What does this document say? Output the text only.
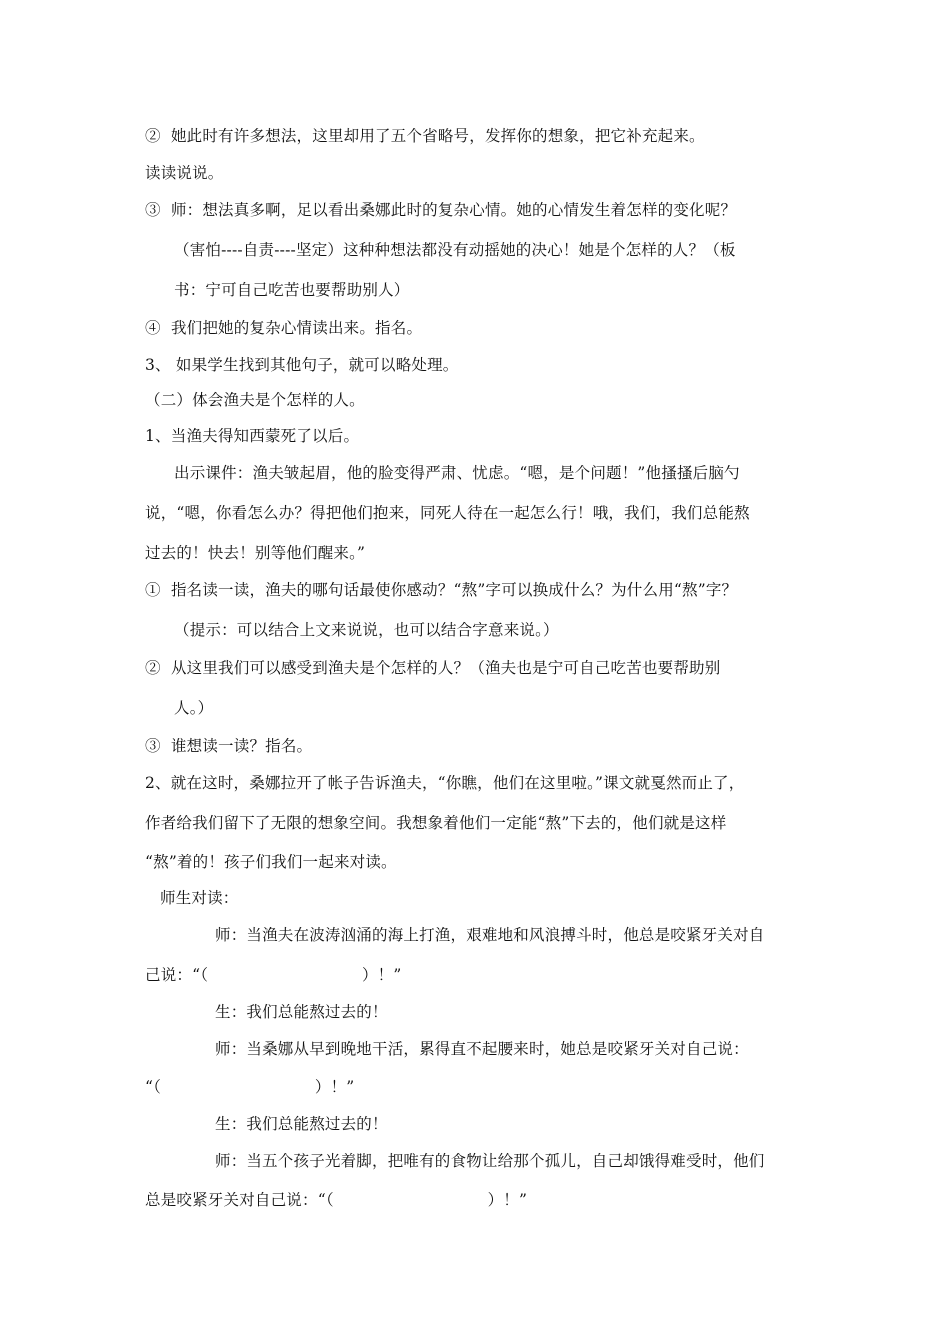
②  她此时有许多想法，这里却用了五个省略号，发挥你的想象，把它补充起来。
读读说说。
③  师：想法真多啊，足以看出桑娜此时的复杂心情。她的心情发生着怎样的变化呢？
（害怕----自责----坚定）这种种想法都没有动摇她的决心！她是个怎样的人？（板
书：宁可自己吃苦也要帮助别人）
④  我们把她的复杂心情读出来。指名。
3、 如果学生找到其他句子，就可以略处理。
（二）体会渔夫是个怎样的人。
1、当渔夫得知西蒙死了以后。
出示课件：渔夫皱起眉，他的脸变得严肃、忧虑。“嗯，是个问题！”他搔搔后脑勺
说，“嗯，你看怎么办？得把他们抱来，同死人待在一起怎么行！哦，我们，我们总能熬
过去的！快去！别等他们醒来。”
①  指名读一读，渔夫的哪句话最使你感动？“熬”字可以换成什么？为什么用“熬”字？
（提示：可以结合上文来说说，也可以结合字意来说。）
②  从这里我们可以感受到渔夫是个怎样的人？（渔夫也是宁可自己吃苦也要帮助别
人。）
③  谁想读一读？指名。
2、就在这时，桑娜拉开了帐子告诉渔夫，“你瞧，他们在这里啦。”课文就戛然而止了，
作者给我们留下了无限的想象空间。我想象着他们一定能“熬”下去的，他们就是这样
“熬”着的！孩子们我们一起来对读。
师生对读：
师：当渔夫在波涛汹涌的海上打渔，艰难地和风浪搏斗时，他总是咬紧牙关对自
己说：“（                              ）！”
生：我们总能熬过去的！
师：当桑娜从早到晚地干活，累得直不起腰来时，她总是咬紧牙关对自己说：
“（                              ）！”
生：我们总能熬过去的！
师：当五个孩子光着脚，把唯有的食物让给那个孤儿，自己却饿得难受时，他们
总是咬紧牙关对自己说：“（                              ）！”
